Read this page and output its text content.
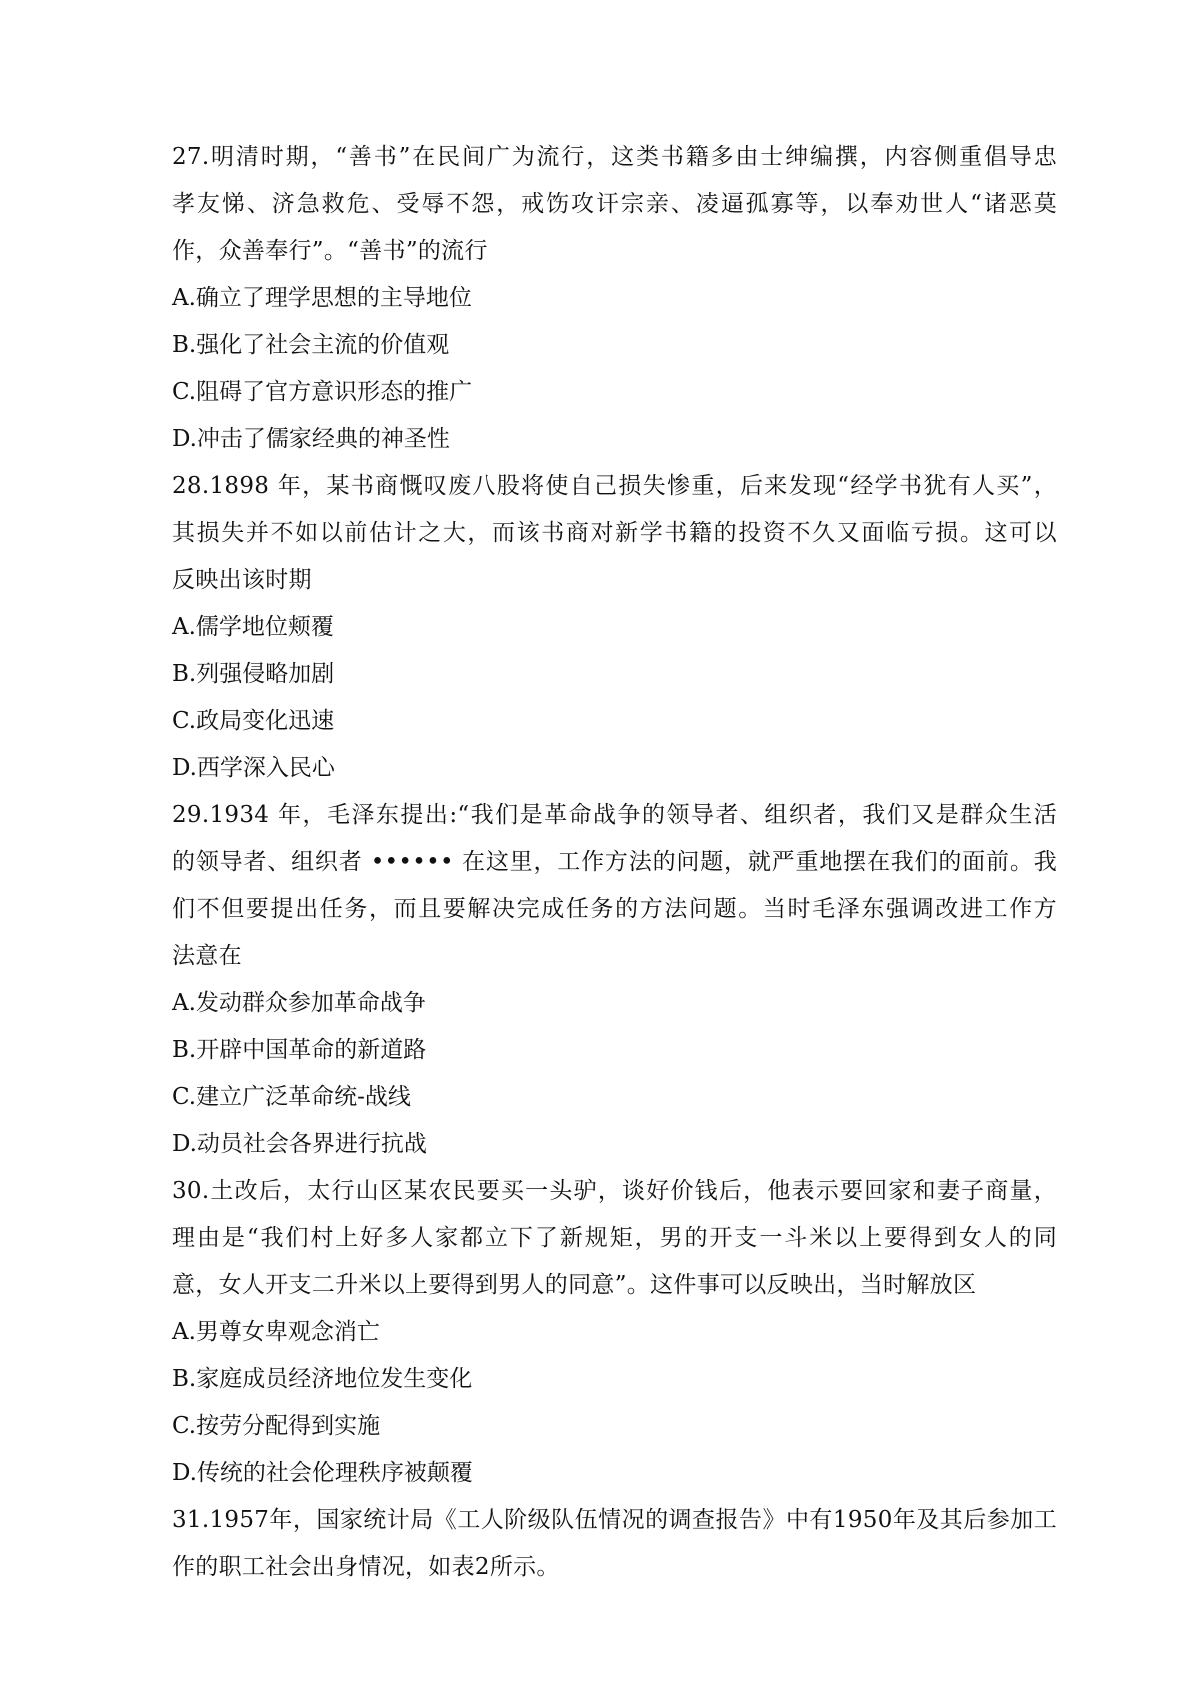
27.明清时期，“善书”在民间广为流行，这类书籍多由士绅编撰，内容侧重倡导忠
孝友悌、济急救危、受辱不怨，戒饬攻讦宗亲、凌逼孤寡等，以奉劝世人“诸恶莫
作，众善奉行”。“善书”的流行
A.确立了理学思想的主导地位
B.强化了社会主流的价值观
C.阻碍了官方意识形态的推广
D.冲击了儒家经典的神圣性
28.1898 年，某书商慨叹废八股将使自己损失惨重，后来发现“经学书犹有人买”，
其损失并不如以前估计之大，而该书商对新学书籍的投资不久又面临亏损。这可以
反映出该时期
A.儒学地位颊覆
B.列强侵略加剧
C.政局变化迅速
D.西学深入民心
29.1934 年，毛泽东提出:“我们是革命战争的领导者、组织者，我们又是群众生活
的领导者、组织者 •••••• 在这里，工作方法的问题，就严重地摆在我们的面前。我
们不但要提出任务，而且要解决完成任务的方法问题。当时毛泽东强调改进工作方
法意在
A.发动群众参加革命战争
B.开辟中国革命的新道路
C.建立广泛革命统-战线
D.动员社会各界进行抗战
30.土改后，太行山区某农民要买一头驴，谈好价钱后，他表示要回家和妻子商量，
理由是“我们村上好多人家都立下了新规矩，男的开支一斗米以上要得到女人的同
意，女人开支二升米以上要得到男人的同意”。这件事可以反映出，当时解放区
A.男尊女卑观念消亡
B.家庭成员经济地位发生变化
C.按劳分配得到实施
D.传统的社会伦理秩序被颠覆
31.1957年，国家统计局《工人阶级队伍情况的调查报告》中有1950年及其后参加工
作的职工社会出身情况，如表2所示。
